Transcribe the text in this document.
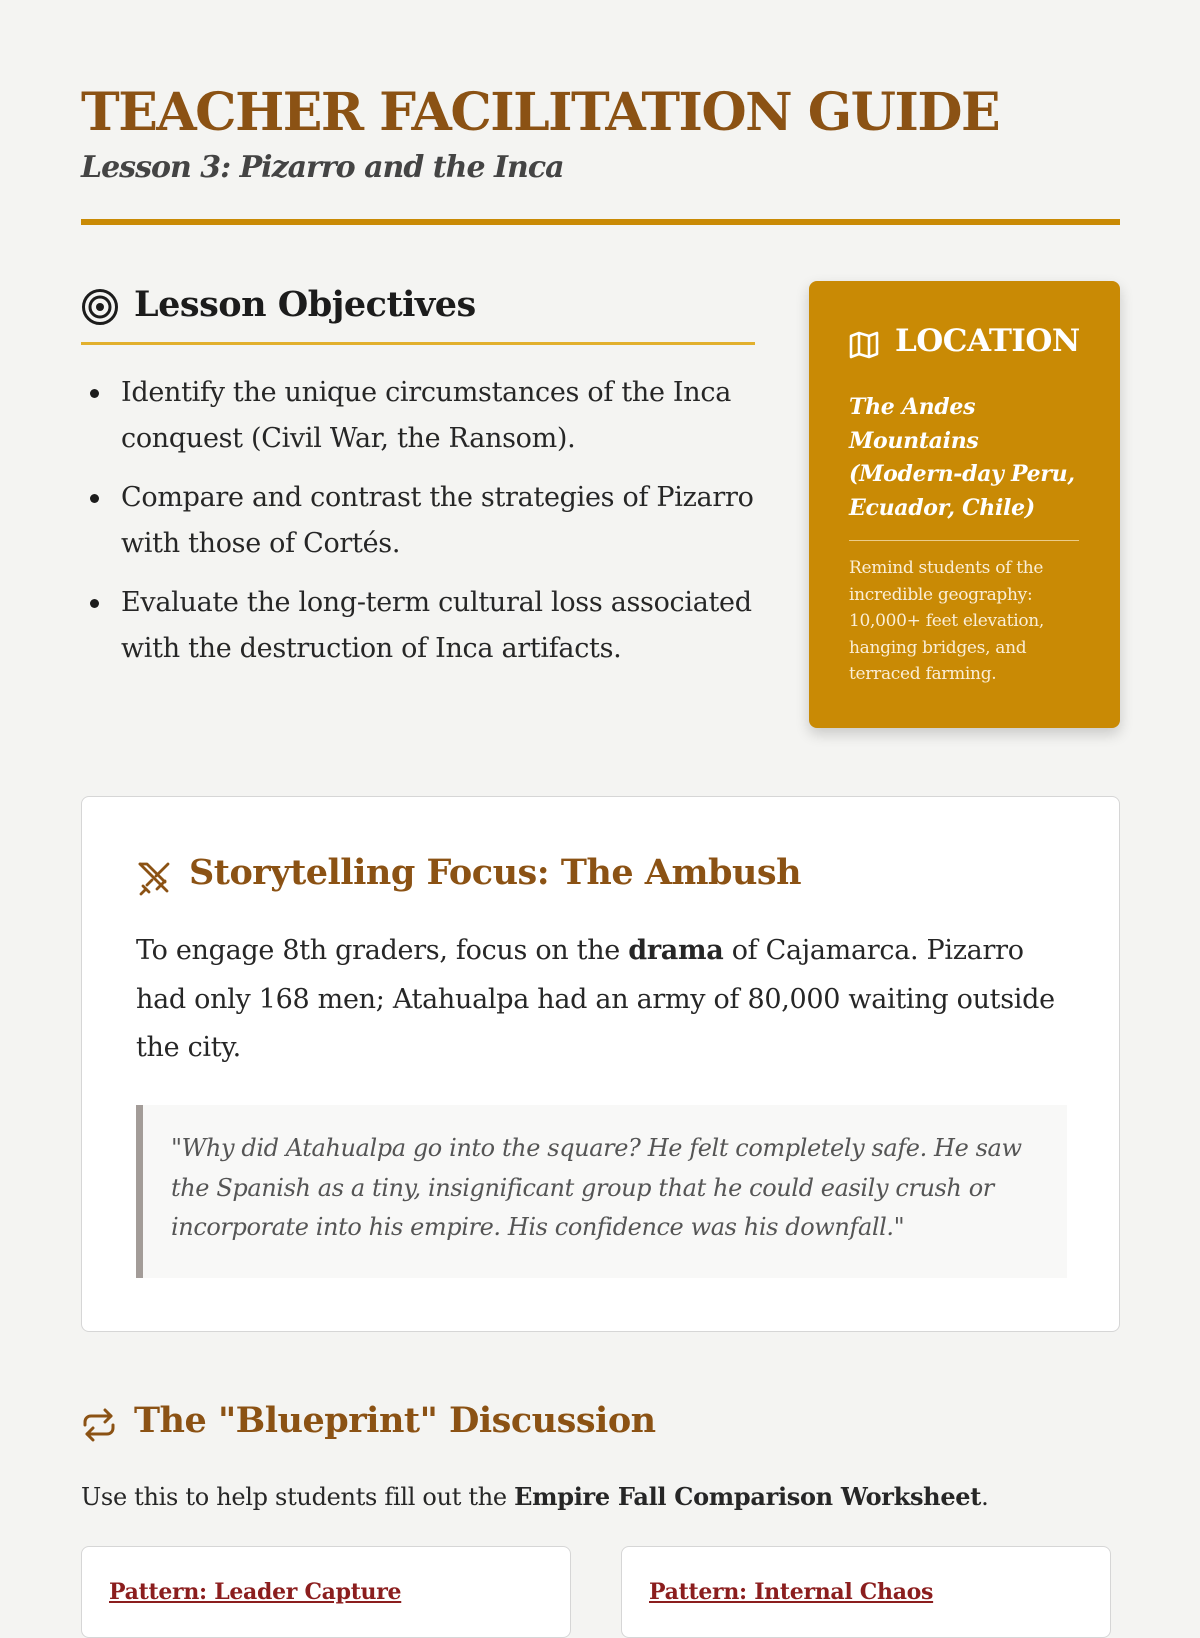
TEACHER FACILITATION GUIDE
Lesson 3: Pizarro and the Inca
Lesson Objectives
Identify the unique circumstances of the Inca conquest (Civil War, the Ransom).
Compare and contrast the strategies of Pizarro with those of Cortés.
Evaluate the long-term cultural loss associated with the destruction of Inca artifacts.
LOCATION
The Andes Mountains (Modern-day Peru, Ecuador, Chile)
Remind students of the incredible geography: 10,000+ feet elevation, hanging bridges, and terraced farming.
Storytelling Focus: The Ambush
To engage 8th graders, focus on the drama of Cajamarca. Pizarro had only 168 men; Atahualpa had an army of 80,000 waiting outside the city.
"Why did Atahualpa go into the square? He felt completely safe. He saw the Spanish as a tiny, insignificant group that he could easily crush or incorporate into his empire. His confidence was his downfall."
The "Blueprint" Discussion
Use this to help students fill out the Empire Fall Comparison Worksheet.
Pattern: Leader Capture	Pattern: Internal Chaos
